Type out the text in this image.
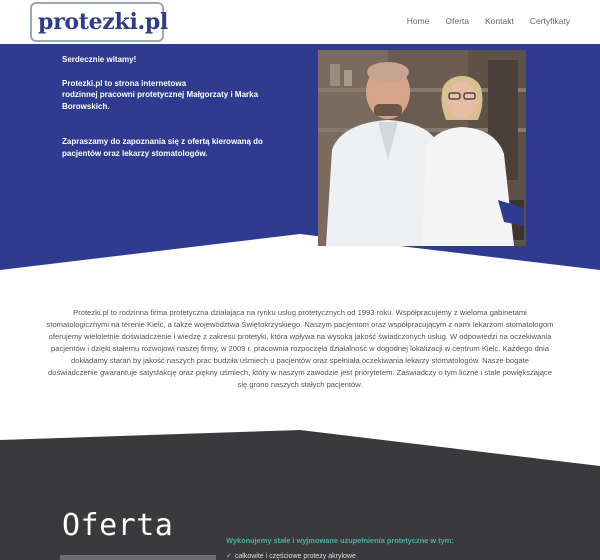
protezki.pl	Home Oferta Kontakt Certyfikaty

Serdecznie witamy!

Protezki.pl to strona internetowa
rodzinnej pracowni protetycznej Małgorzaty i Marka Borowskich.

Zapraszamy do zapoznania się z ofertą kierowaną do pacjentów oraz lekarzy stomatologów.

Protezki.pl to rodzinna firma protetyczna działająca na rynku usług protetycznych od 1993 roku. Współpracujemy z wieloma gabinetami stomatologicznymi na terenie Kielc, a także województwa Świętokrzyskiego. Naszym pacjentom oraz współpracującym z nami lekarzom stomatologom oferujemy wieloletnie doświadczenie i wiedzę z zakresu protetyki, która wpływa na wysoką jakość świadczonych usług. W odpowiedzi na oczekiwania pacjentów i dzięki stałemu rozwojowi naszej firmy, w 2009 r. pracownia rozpoczęła działalność w dogodnej lokalizacji w centrum Kielc. Każdego dnia dokładamy starań by jakość naszych prac budziła uśmiech u pacjentów oraz spełniała oczekiwania lekarzy stomatologów. Nasze bogate doświadczenie gwarantuje satysfakcję oraz piękny uśmiech, który w naszym zawodzie jest priorytetem. Zaświadczy o tym liczne i stale powiększające się grono naszych stałych pacjentów.

Oferta	Wykonujemy stałe i wyjmowane uzupełnienia protetyczne w tym:
✔ całkowite i częściowe protezy akrylowe
